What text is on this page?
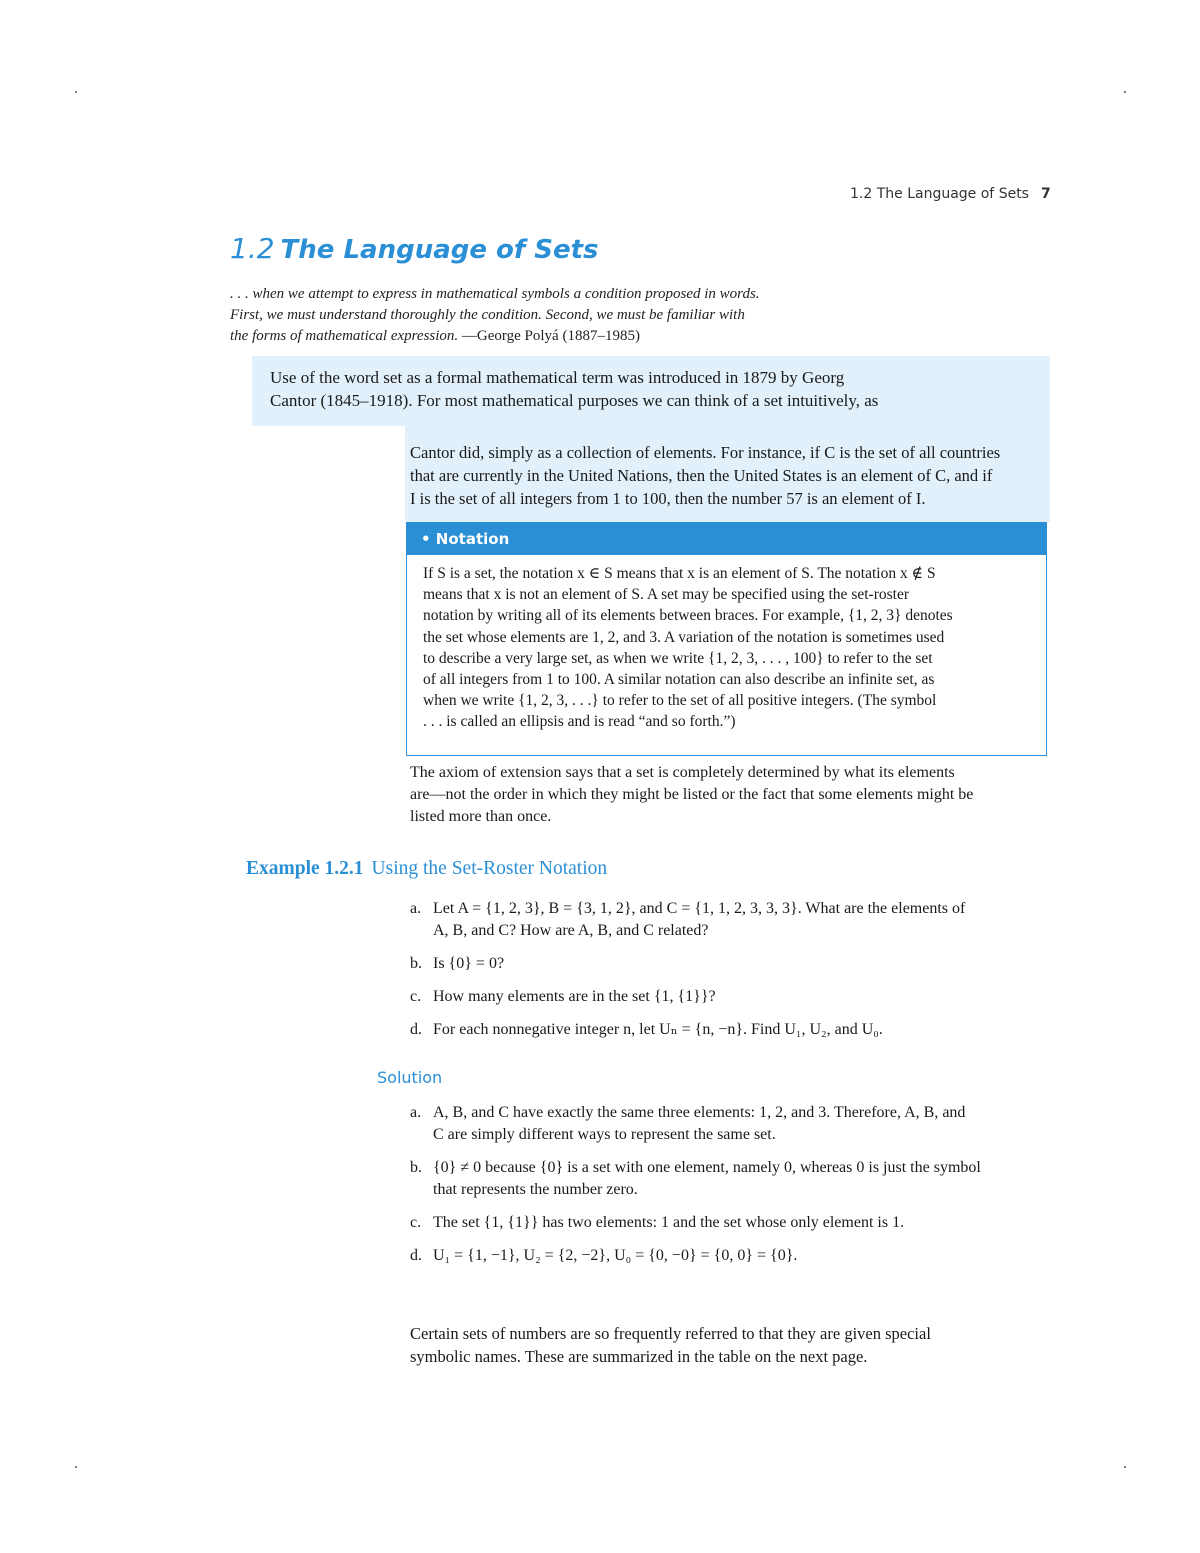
1.2 The Language of Sets 7
1.2 The Language of Sets
. . . when we attempt to express in mathematical symbols a condition proposed in words.
First, we must understand thoroughly the condition. Second, we must be familiar with
the forms of mathematical expression. —George Polyá (1887–1985)
Use of the word set as a formal mathematical term was introduced in 1879 by Georg
Cantor (1845–1918). For most mathematical purposes we can think of a set intuitively, as
Cantor did, simply as a collection of elements. For instance, if C is the set of all countries
that are currently in the United Nations, then the United States is an element of C, and if
I is the set of all integers from 1 to 100, then the number 57 is an element of I.
• Notation
If S is a set, the notation x ∈ S means that x is an element of S. The notation x ∉ S
means that x is not an element of S. A set may be specified using the set-roster
notation by writing all of its elements between braces. For example, {1, 2, 3} denotes
the set whose elements are 1, 2, and 3. A variation of the notation is sometimes used
to describe a very large set, as when we write {1, 2, 3, . . . , 100} to refer to the set
of all integers from 1 to 100. A similar notation can also describe an infinite set, as
when we write {1, 2, 3, . . .} to refer to the set of all positive integers. (The symbol
. . . is called an ellipsis and is read “and so forth.”)
The axiom of extension says that a set is completely determined by what its elements
are—not the order in which they might be listed or the fact that some elements might be
listed more than once.
Example 1.2.1 Using the Set-Roster Notation
a. Let A = {1, 2, 3}, B = {3, 1, 2}, and C = {1, 1, 2, 3, 3, 3}. What are the elements of
A, B, and C? How are A, B, and C related?
b. Is {0} = 0?
c. How many elements are in the set {1, {1}}?
d. For each nonnegative integer n, let Uₙ = {n, −n}. Find U₁, U₂, and U₀.
Solution
a. A, B, and C have exactly the same three elements: 1, 2, and 3. Therefore, A, B, and
C are simply different ways to represent the same set.
b. {0} ≠ 0 because {0} is a set with one element, namely 0, whereas 0 is just the symbol
that represents the number zero.
c. The set {1, {1}} has two elements: 1 and the set whose only element is 1.
d. U₁ = {1, −1}, U₂ = {2, −2}, U₀ = {0, −0} = {0, 0} = {0}.
Certain sets of numbers are so frequently referred to that they are given special
symbolic names. These are summarized in the table on the next page.
